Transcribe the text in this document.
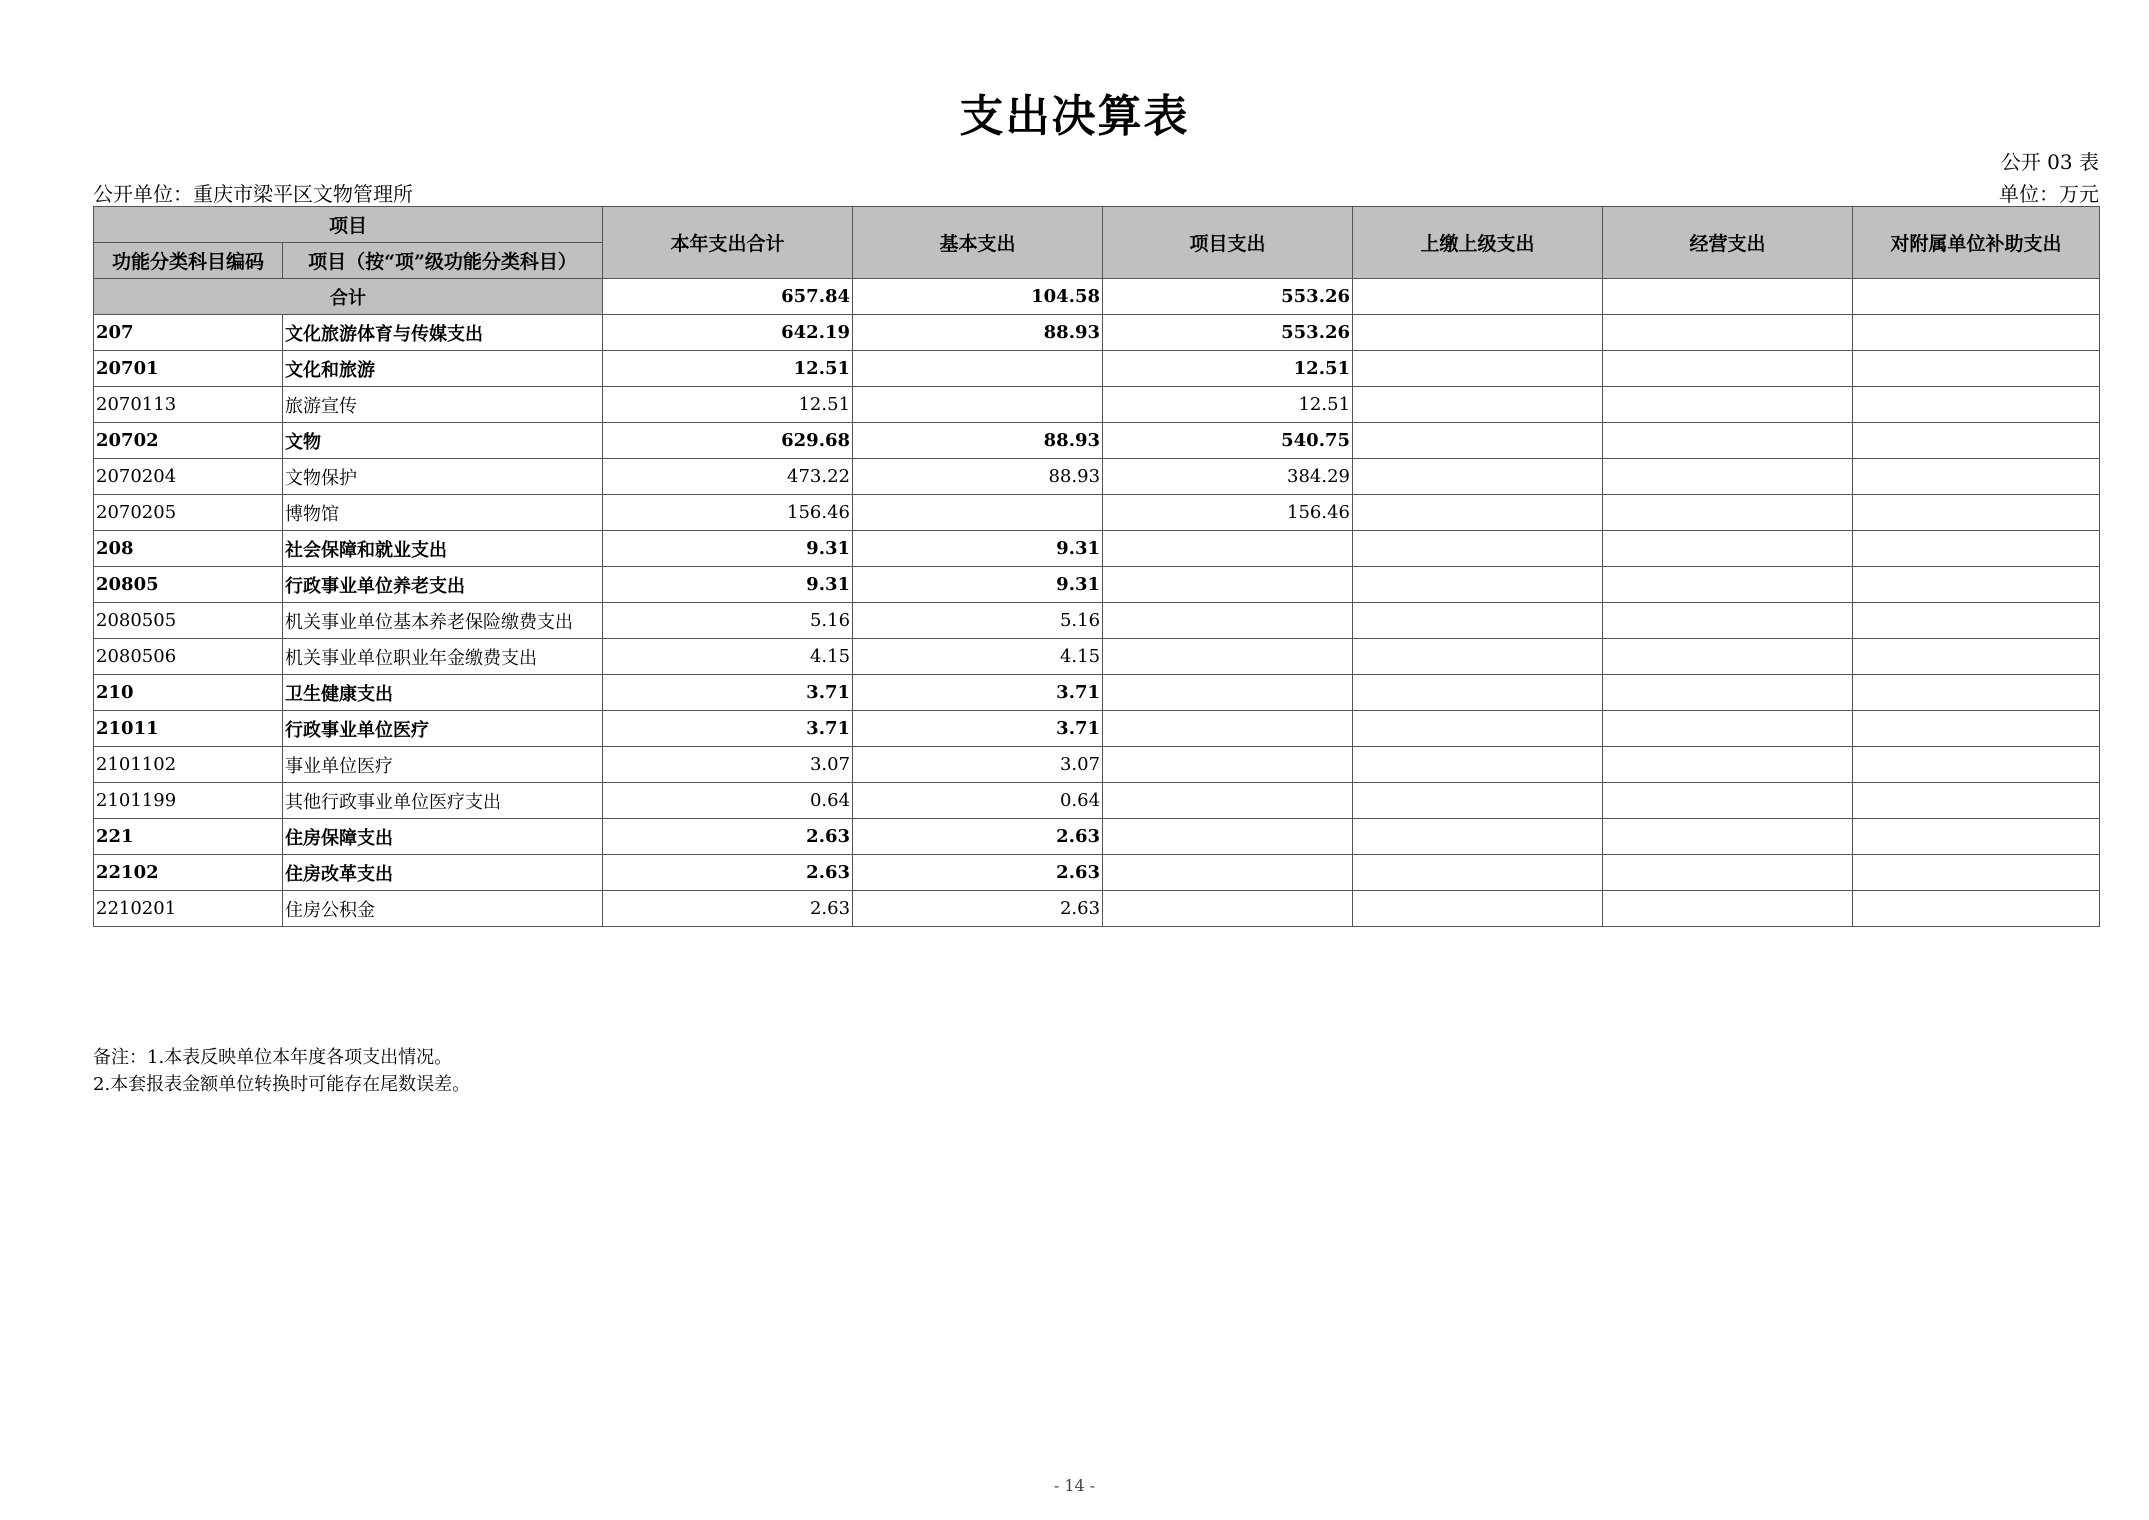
支出决算表
公开 03 表
公开单位：重庆市梁平区文物管理所	单位：万元
项目		本年支出合计	基本支出	项目支出	上缴上级支出	经营支出	对附属单位补助支出
功能分类科目编码	项目（按“项”级功能分类科目）						
合计		657.84	104.58	553.26			
207	文化旅游体育与传媒支出	642.19	88.93	553.26			
20701	文化和旅游	12.51		12.51			
2070113	旅游宣传	12.51		12.51			
20702	文物	629.68	88.93	540.75			
2070204	文物保护	473.22	88.93	384.29			
2070205	博物馆	156.46		156.46			
208	社会保障和就业支出	9.31	9.31				
20805	行政事业单位养老支出	9.31	9.31				
2080505	机关事业单位基本养老保险缴费支出	5.16	5.16				
2080506	机关事业单位职业年金缴费支出	4.15	4.15				
210	卫生健康支出	3.71	3.71				
21011	行政事业单位医疗	3.71	3.71				
2101102	事业单位医疗	3.07	3.07				
2101199	其他行政事业单位医疗支出	0.64	0.64				
221	住房保障支出	2.63	2.63				
22102	住房改革支出	2.63	2.63				
2210201	住房公积金	2.63	2.63				
备注：1.本表反映单位本年度各项支出情况。
2.本套报表金额单位转换时可能存在尾数误差。
- 14 -
